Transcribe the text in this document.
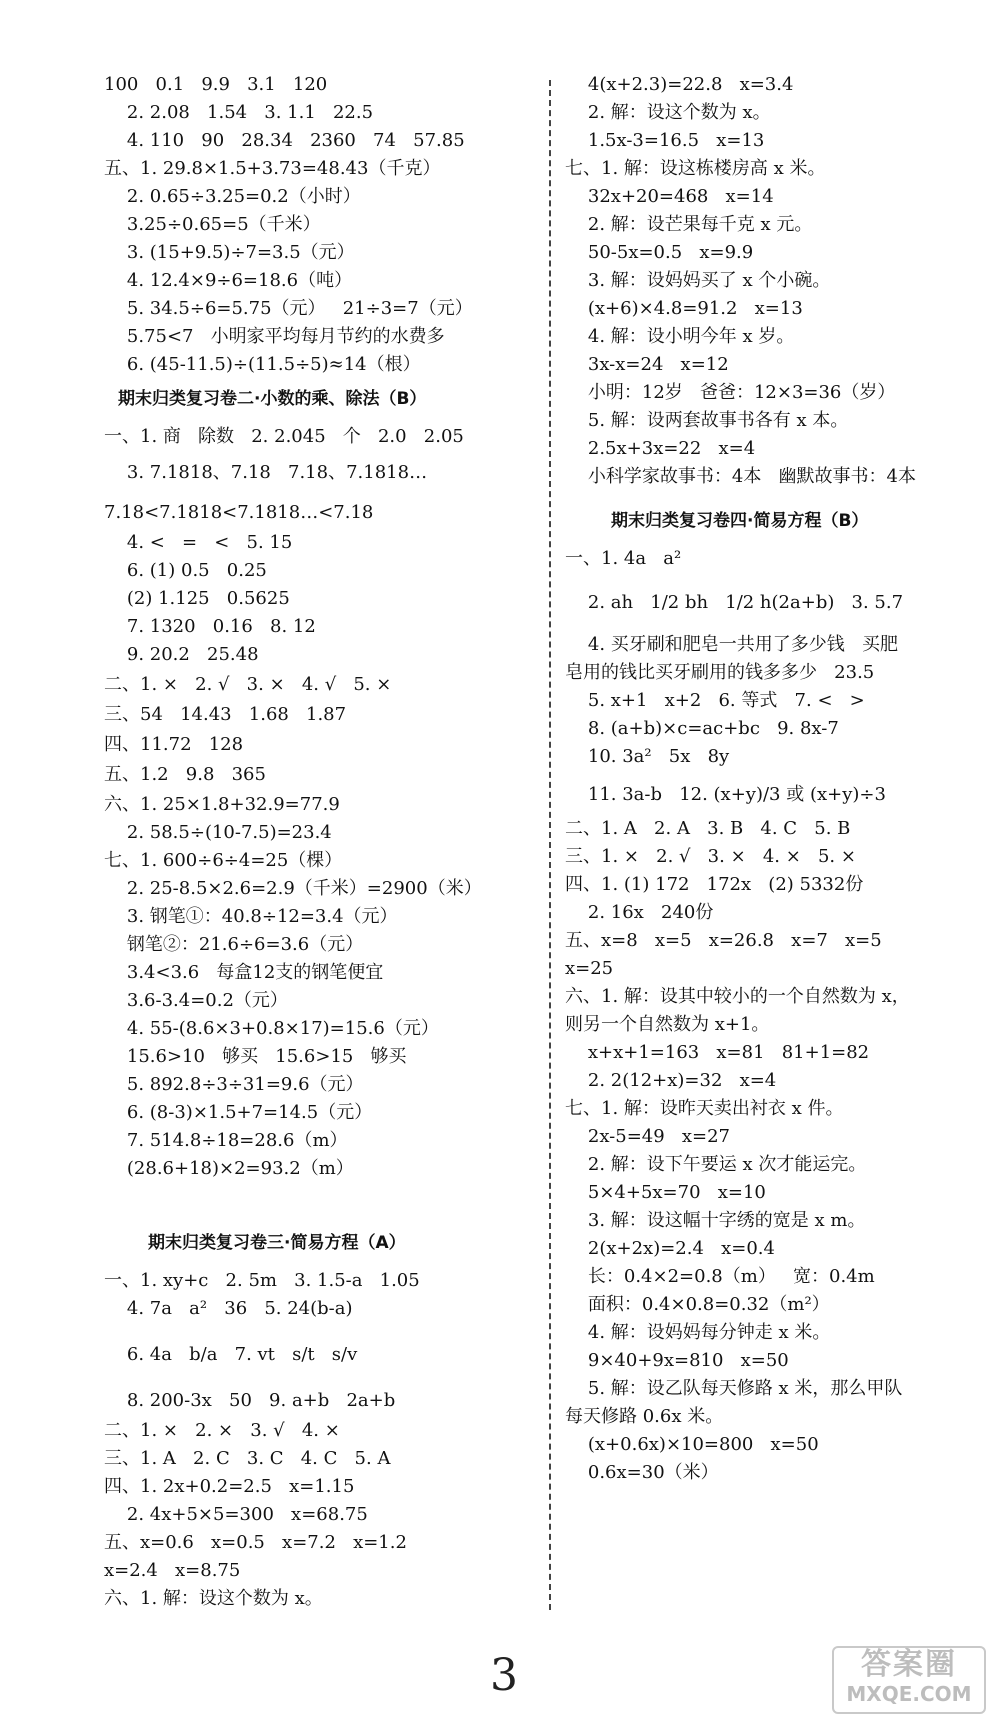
100   0.1   9.9   3.1   120
2. 2.08   1.54   3. 1.1   22.5
4. 110   90   28.34   2360   74   57.85
五、1. 29.8×1.5+3.73=48.43（千克）
2. 0.65÷3.25=0.2（小时）
3.25÷0.65=5（千米）
3. (15+9.5)÷7=3.5（元）
4. 12.4×9÷6=18.6（吨）
5. 34.5÷6=5.75（元）   21÷3=7（元）
5.75<7   小明家平均每月节约的水费多
6. (45-11.5)÷(11.5÷5)≈14（根）
期末归类复习卷二·小数的乘、除法（B）
一、1. 商   除数   2. 2.045   个   2.0   2.05
3. 7.1818、7.18   7.18、7.1818…
7.18<7.1818<7.1818…<7.18
4. <   =   <   5. 15
6. (1) 0.5   0.25
(2) 1.125   0.5625
7. 1320   0.16   8. 12
9. 20.2   25.48
二、1. ×   2. √   3. ×   4. √   5. ×
三、54   14.43   1.68   1.87
四、11.72   128
五、1.2   9.8   365
六、1. 25×1.8+32.9=77.9
2. 58.5÷(10-7.5)=23.4
七、1. 600÷6÷4=25（棵）
2. 25-8.5×2.6=2.9（千米）=2900（米）
3. 钢笔①：40.8÷12=3.4（元）
钢笔②：21.6÷6=3.6（元）
3.4<3.6   每盒12支的钢笔便宜
3.6-3.4=0.2（元）
4. 55-(8.6×3+0.8×17)=15.6（元）
15.6>10   够买   15.6>15   够买
5. 892.8÷3÷31=9.6（元）
6. (8-3)×1.5+7=14.5（元）
7. 514.8÷18=28.6（m）
(28.6+18)×2=93.2（m）
期末归类复习卷三·简易方程（A）
一、1. xy+c   2. 5m   3. 1.5-a   1.05
4. 7a   a²   36   5. 24(b-a)
6. 4a   b/a   7. vt   s/t   s/v
8. 200-3x   50   9. a+b   2a+b
二、1. ×   2. ×   3. √   4. ×
三、1. A   2. C   3. C   4. C   5. A
四、1. 2x+0.2=2.5   x=1.15
2. 4x+5×5=300   x=68.75
五、x=0.6   x=0.5   x=7.2   x=1.2
x=2.4   x=8.75
六、1. 解：设这个数为 x。
4(x+2.3)=22.8   x=3.4
2. 解：设这个数为 x。
1.5x-3=16.5   x=13
七、1. 解：设这栋楼房高 x 米。
32x+20=468   x=14
2. 解：设芒果每千克 x 元。
50-5x=0.5   x=9.9
3. 解：设妈妈买了 x 个小碗。
(x+6)×4.8=91.2   x=13
4. 解：设小明今年 x 岁。
3x-x=24   x=12
小明：12岁   爸爸：12×3=36（岁）
5. 解：设两套故事书各有 x 本。
2.5x+3x=22   x=4
小科学家故事书：4本   幽默故事书：4本
期末归类复习卷四·简易方程（B）
一、1. 4a   a²
2. ah   1/2 bh   1/2 h(2a+b)   3. 5.7
4. 买牙刷和肥皂一共用了多少钱   买肥
皂用的钱比买牙刷用的钱多多少   23.5
5. x+1   x+2   6. 等式   7. <   >
8. (a+b)×c=ac+bc   9. 8x-7
10. 3a²   5x   8y
11. 3a-b   12. (x+y)/3 或 (x+y)÷3
二、1. A   2. A   3. B   4. C   5. B
三、1. ×   2. √   3. ×   4. ×   5. ×
四、1. (1) 172   172x   (2) 5332份
2. 16x   240份
五、x=8   x=5   x=26.8   x=7   x=5
x=25
六、1. 解：设其中较小的一个自然数为 x，
则另一个自然数为 x+1。
x+x+1=163   x=81   81+1=82
2. 2(12+x)=32   x=4
七、1. 解：设昨天卖出衬衣 x 件。
2x-5=49   x=27
2. 解：设下午要运 x 次才能运完。
5×4+5x=70   x=10
3. 解：设这幅十字绣的宽是 x m。
2(x+2x)=2.4   x=0.4
长：0.4×2=0.8（m）   宽：0.4m
面积：0.4×0.8=0.32（m²）
4. 解：设妈妈每分钟走 x 米。
9×40+9x=810   x=50
5. 解：设乙队每天修路 x 米，那么甲队
每天修路 0.6x 米。
(x+0.6x)×10=800   x=50
0.6x=30（米）
3	答案圈
MXQE.COM
